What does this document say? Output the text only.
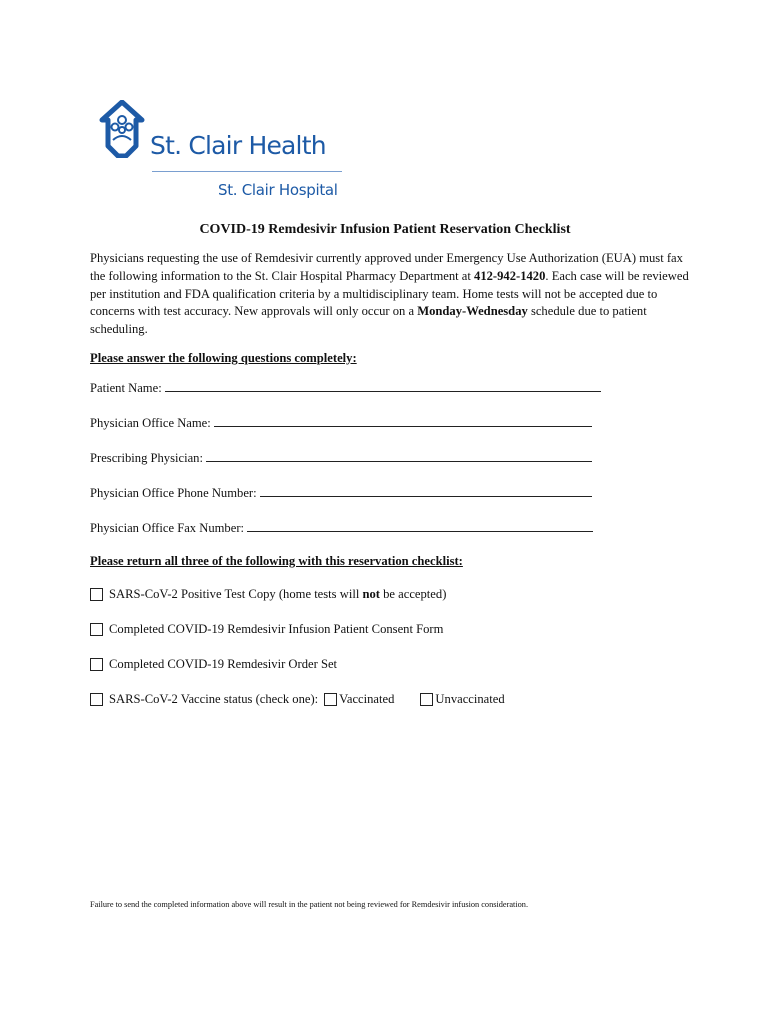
St. Clair Health
St. Clair Hospital
COVID-19 Remdesivir Infusion Patient Reservation Checklist
Physicians requesting the use of Remdesivir currently approved under Emergency Use Authorization (EUA) must fax the following information to the St. Clair Hospital Pharmacy Department at 412-942-1420. Each case will be reviewed per institution and FDA qualification criteria by a multidisciplinary team. Home tests will not be accepted due to concerns with test accuracy. New approvals will only occur on a Monday-Wednesday schedule due to patient scheduling.
Please answer the following questions completely:
Patient Name:
Physician Office Name:
Prescribing Physician:
Physician Office Phone Number:
Physician Office Fax Number:
Please return all three of the following with this reservation checklist:
SARS-CoV-2 Positive Test Copy (home tests will not be accepted)
Completed COVID-19 Remdesivir Infusion Patient Consent Form
Completed COVID-19 Remdesivir Order Set
SARS-CoV-2 Vaccine status (check one): Vaccinated	Unvaccinated
Failure to send the completed information above will result in the patient not being reviewed for Remdesivir infusion consideration.
